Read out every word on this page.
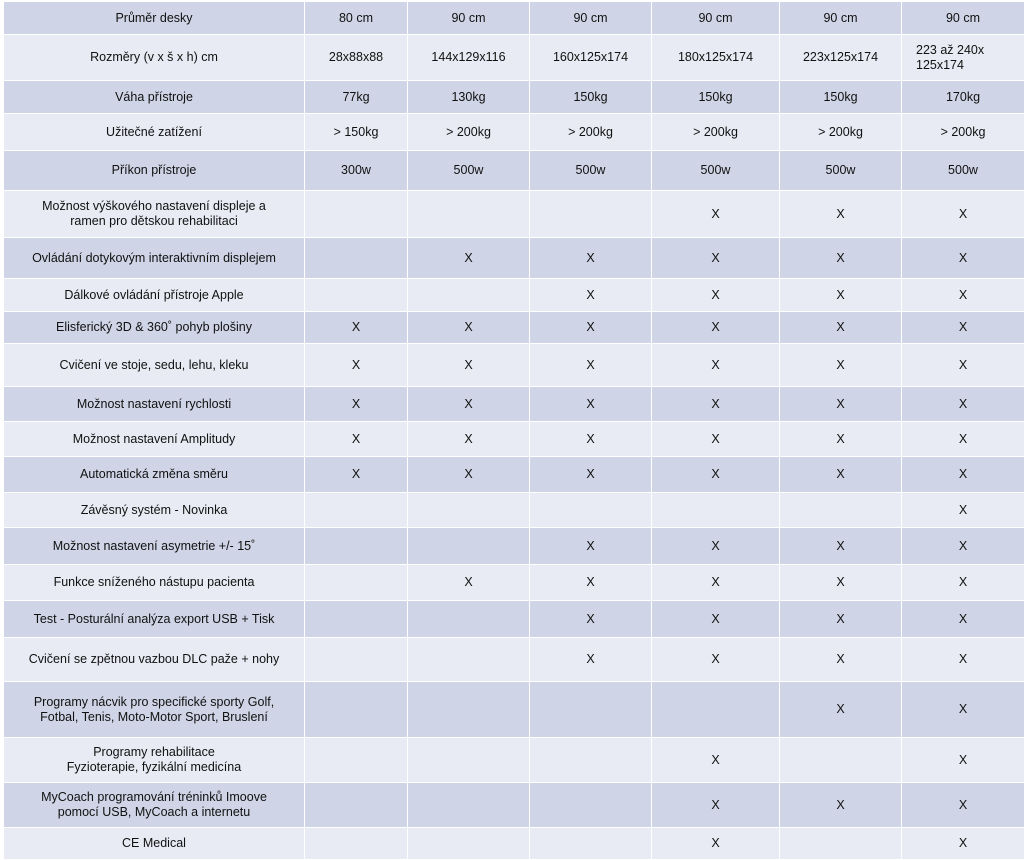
Průměr desky	80 cm	90 cm	90 cm	90 cm	90 cm	90 cm
Rozměry (v x š x h) cm	28x88x88	144x129x116	160x125x174	180x125x174	223x125x174	223 až 240x
125x174
Váha přístroje	77kg	130kg	150kg	150kg	150kg	170kg
Užitečné zatížení	> 150kg	> 200kg	> 200kg	> 200kg	> 200kg	> 200kg
Příkon přístroje	300w	500w	500w	500w	500w	500w
Možnost výškového nastavení displeje a
ramen pro dětskou rehabilitaci				X	X	X
Ovládání dotykovým interaktivním displejem		X	X	X	X	X
Dálkové ovládání přístroje Apple			X	X	X	X
Elisferický 3D & 360˚ pohyb plošiny	X	X	X	X	X	X
Cvičení ve stoje, sedu, lehu, kleku	X	X	X	X	X	X
Možnost nastavení rychlosti	X	X	X	X	X	X
Možnost nastavení Amplitudy	X	X	X	X	X	X
Automatická změna směru	X	X	X	X	X	X
Závěsný systém - Novinka						X
Možnost nastavení asymetrie +/- 15˚			X	X	X	X
Funkce sníženého nástupu pacienta		X	X	X	X	X
Test - Posturální analýza export USB + Tisk			X	X	X	X
Cvičení se zpětnou vazbou DLC paže + nohy			X	X	X	X
Programy nácvik pro specifické sporty Golf,
Fotbal, Tenis, Moto-Motor Sport, Bruslení					X	X
Programy rehabilitace
Fyzioterapie, fyzikální medicína				X		X
MyCoach programování tréninků Imoove
pomocí USB, MyCoach a internetu				X	X	X
CE Medical				X		X
